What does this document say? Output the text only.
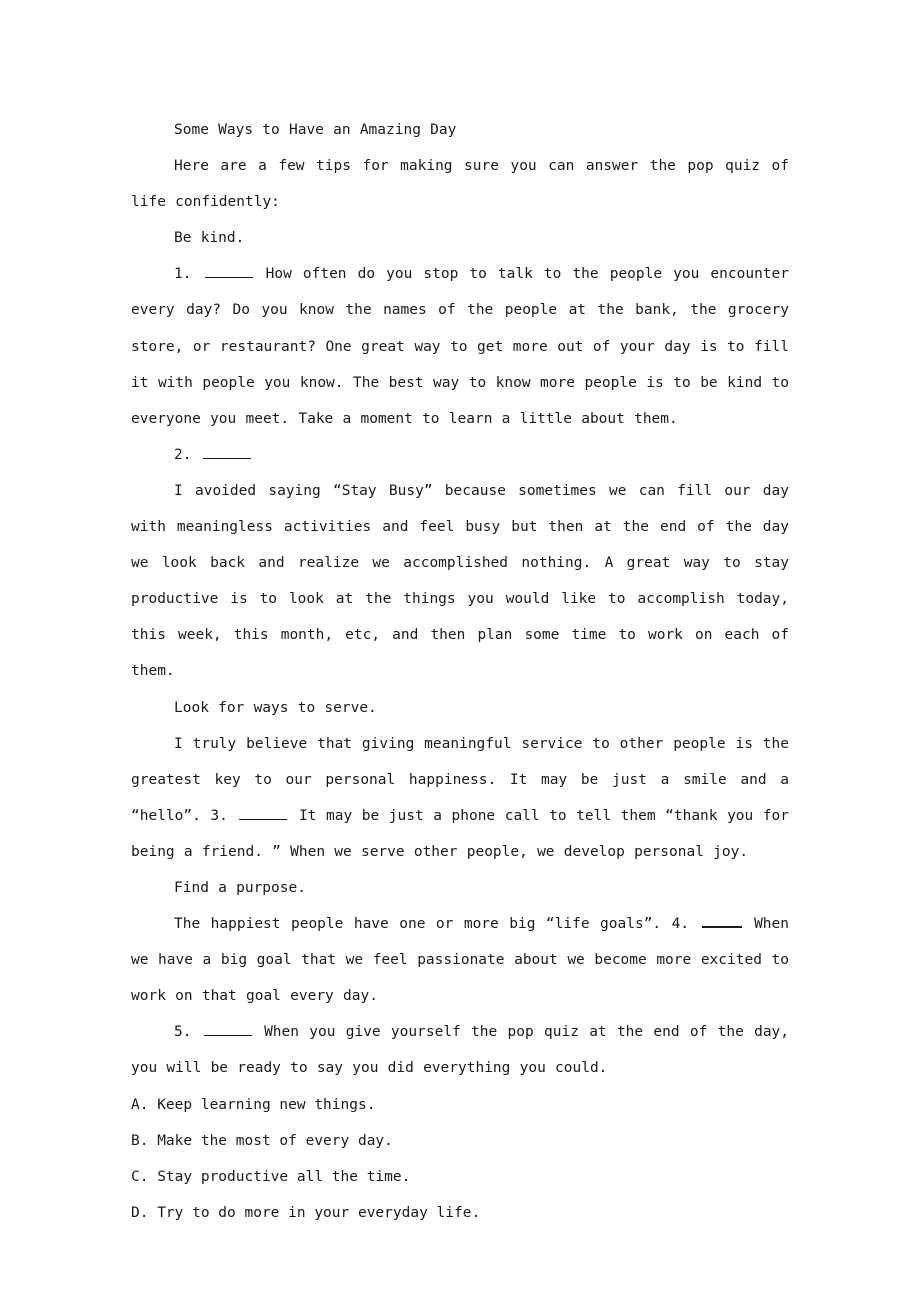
Some Ways to Have an Amazing Day

Here are a few tips for making sure you can answer the pop quiz of life confidently:

Be kind.

1.	How often do you stop to talk to the people you encounter every day? Do you know the names of the people at the bank, the grocery store, or restaurant? One great way to get more out of your day is to fill it with people you know. The best way to know more people is to be kind to everyone you meet. Take a moment to learn a little about them.

2.

I avoided saying “Stay Busy” because sometimes we can fill our day with meaningless activities and feel busy but then at the end of the day we look back and realize we accomplished nothing. A great way to stay productive is to look at the things you would like to accomplish today, this week, this month, etc, and then plan some time to work on each of them.

Look for ways to serve.

I truly believe that giving meaningful service to other people is the greatest key to our personal happiness. It may be just a smile and a “hello”. 3.	It may be just a phone call to tell them “thank you for being a friend. ” When we serve other people, we develop personal joy.

Find a purpose.

The happiest people have one or more big “life goals”. 4.	When we have a big goal that we feel passionate about we become more excited to work on that goal every day.

5.	When you give yourself the pop quiz at the end of the day, you will be ready to say you did everything you could.

A. Keep learning new things.

B. Make the most of every day.

C. Stay productive all the time.

D. Try to do more in your everyday life.
